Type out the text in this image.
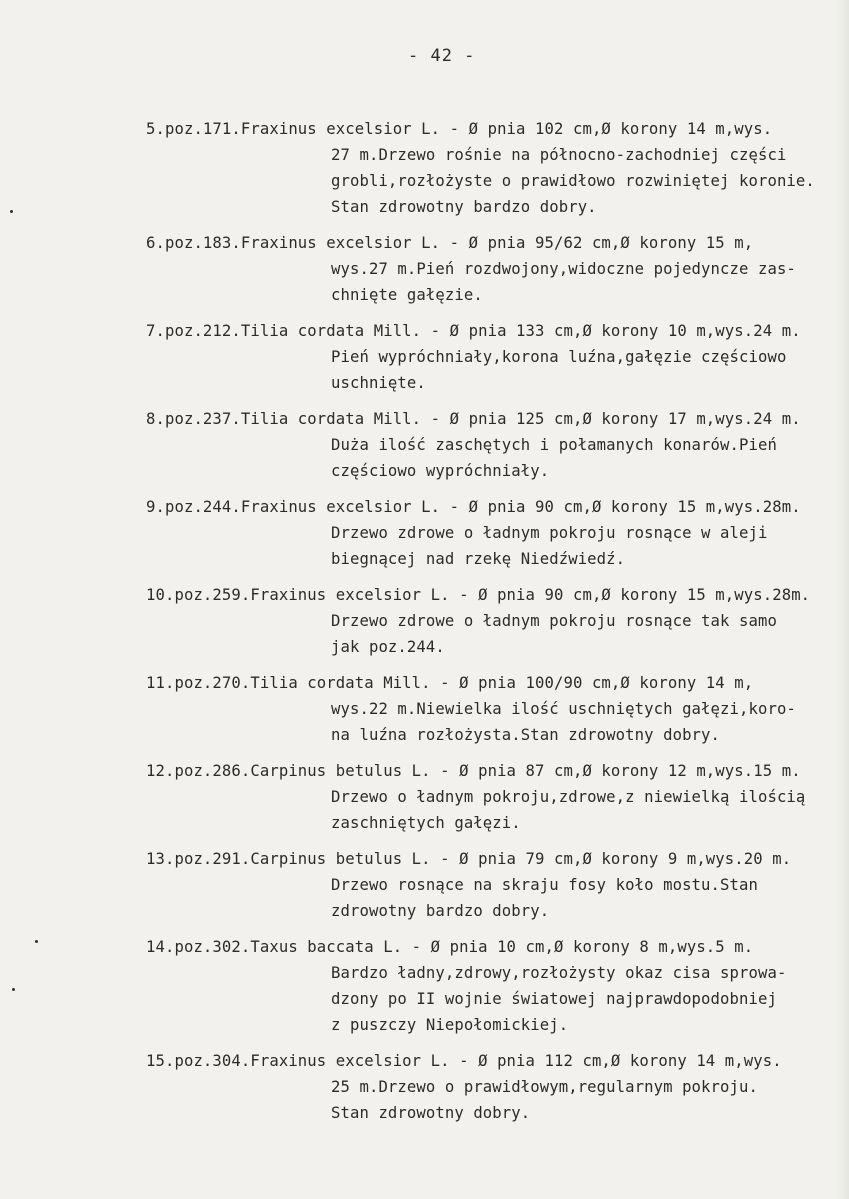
- 42 -
5.poz.171.Fraxinus excelsior L. - Ø pnia 102 cm,Ø korony 14 m,wys.
27 m.Drzewo rośnie na północno-zachodniej części
grobli,rozłożyste o prawidłowo rozwiniętej koronie.
Stan zdrowotny bardzo dobry.
6.poz.183.Fraxinus excelsior L. - Ø pnia 95/62 cm,Ø korony 15 m,
wys.27 m.Pień rozdwojony,widoczne pojedyncze zas-
chnięte gałęzie.
7.poz.212.Tilia cordata Mill. - Ø pnia 133 cm,Ø korony 10 m,wys.24 m.
Pień wypróchniały,korona luźna,gałęzie częściowo
uschnięte.
8.poz.237.Tilia cordata Mill. - Ø pnia 125 cm,Ø korony 17 m,wys.24 m.
Duża ilość zaschętych i połamanych konarów.Pień
częściowo wypróchniały.
9.poz.244.Fraxinus excelsior L. - Ø pnia 90 cm,Ø korony 15 m,wys.28m.
Drzewo zdrowe o ładnym pokroju rosnące w alejі
biegnącej nad rzekę Niedźwiedź.
10.poz.259.Fraxinus excelsior L. - Ø pnia 90 cm,Ø korony 15 m,wys.28m.
Drzewo zdrowe o ładnym pokroju rosnące tak samo
jak poz.244.
11.poz.270.Tilia cordata Mill. - Ø pnia 100/90 cm,Ø korony 14 m,
wys.22 m.Niewielka ilość uschniętych gałęzi,koro-
na luźna rozłożysta.Stan zdrowotny dobry.
12.poz.286.Carpinus betulus L. - Ø pnia 87 cm,Ø korony 12 m,wys.15 m.
Drzewo o ładnym pokroju,zdrowe,z niewielką ilością
zaschniętych gałęzi.
13.poz.291.Carpinus betulus L. - Ø pnia 79 cm,Ø korony 9 m,wys.20 m.
Drzewo rosnące na skraju fosy koło mostu.Stan
zdrowotny bardzo dobry.
14.poz.302.Taxus baccata L. - Ø pnia 10 cm,Ø korony 8 m,wys.5 m.
Bardzo ładny,zdrowy,rozłożysty okaz cisa sprowa-
dzony po II wojnie światowej najprawdopodobniej
z puszczy Niepołomickiej.
15.poz.304.Fraxinus excelsior L. - Ø pnia 112 cm,Ø korony 14 m,wys.
25 m.Drzewo o prawidłowym,regularnym pokroju.
Stan zdrowotny dobry.
